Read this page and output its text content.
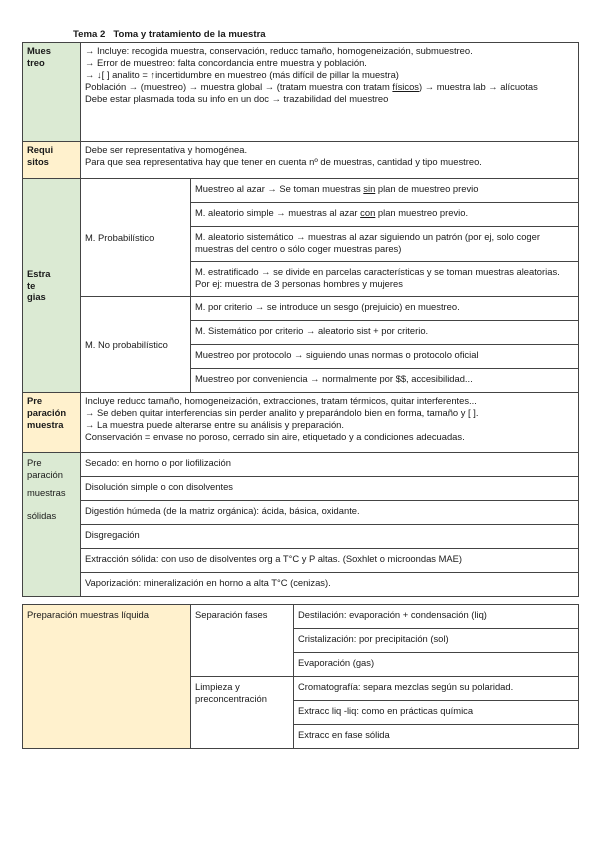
Tema 2   Toma y tratamiento de la muestra
Mues
treo

→ Incluye: recogida muestra, conservación, reducc tamaño, homogeneización, submuestreo.
→ Error de muestreo: falta concordancia entre muestra y población.
→ ↓[ ] analito = ↑incertidumbre en muestreo (más difícil de pillar la muestra)
Población → (muestreo) → muestra global → (tratam muestra con tratam físicos) → muestra lab → alícuotas
Debe estar plasmada toda su info en un doc → trazabilidad del muestreo

Requi
sitos

Debe ser representativa y homogénea.
Para que sea representativa hay que tener en cuenta nº de muestras, cantidad y tipo muestreo.

Estra
te
gias	M. Probabilístico	Muestreo al azar → Se toman muestras sin plan de muestreo previo
		M. aleatorio simple → muestras al azar con plan muestreo previo.
		M. aleatorio sistemático → muestras al azar siguiendo un patrón (por ej, solo coger muestras del centro o sólo coger muestras pares)
		M. estratificado → se divide en parcelas características y se toman muestras aleatorias. Por ej: muestra de 3 personas hombres y mujeres
	M. No probabilístico	M. por criterio → se introduce un sesgo (prejuicio) en muestreo.
		M. Sistemático por criterio → aleatorio sist + por criterio.
		Muestreo por protocolo → siguiendo unas normas o protocolo oficial
		Muestreo por conveniencia → normalmente por $$, accesibilidad...

Pre
paración
muestra

Incluye reducc tamaño, homogeneización, extracciones, tratam térmicos, quitar interferentes...
→ Se deben quitar interferencias sin perder analito y preparándolo bien en forma, tamaño y [ ].
→ La muestra puede alterarse entre su análisis y preparación.
Conservación = envase no poroso, cerrado sin aire, etiquetado y a condiciones adecuadas.

Pre
paración
muestras
sólidas	Secado: en horno o por liofilización	
	Disolución simple o con disolventes	
	Digestión húmeda (de la matriz orgánica): ácida, básica, oxidante.	
	Disgregación	
	Extracción sólida: con uso de disolventes org a T°C y P altas. (Soxhlet o microondas MAE)	
	Vaporización: mineralización en horno a alta T°C (cenizas).	
Preparación muestras líquida	Separación fases	Destilación: evaporación + condensación (liq)
		Cristalización: por precipitación (sol)
		Evaporación (gas)
	Limpieza y preconcentración	Cromatografía: separa mezclas según su polaridad.
		Extracc liq -liq: como en prácticas química
		Extracc en fase sólida
